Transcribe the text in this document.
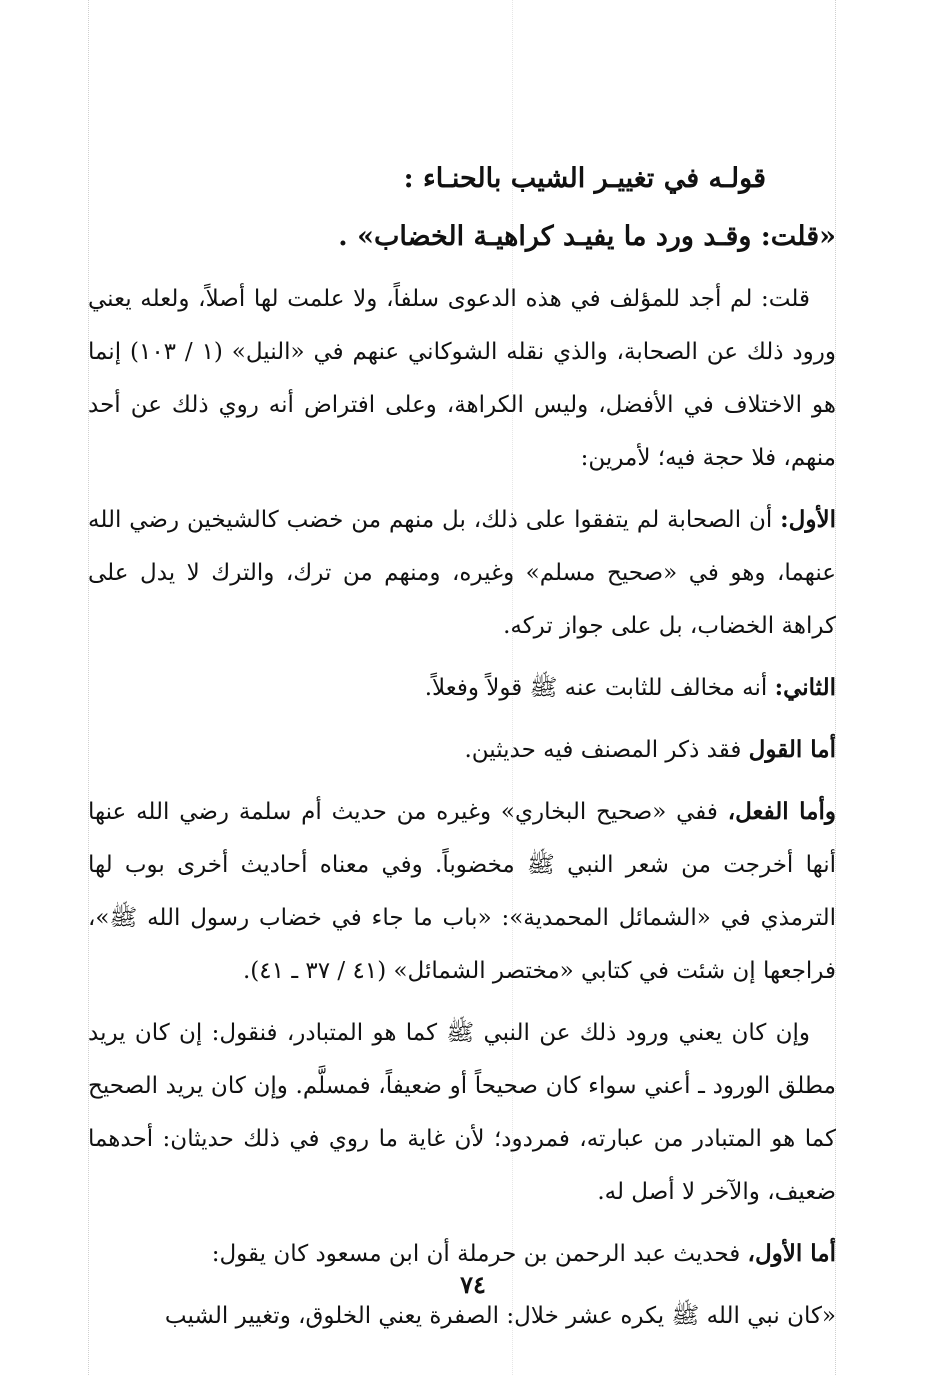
قولـه في تغييـر الشيب بالحنـاء :
«قلت: وقـد ورد ما يفيـد كراهيـة الخضاب» .

قلت: لم أجد للمؤلف في هذه الدعوى سلفاً، ولا علمت لها أصلاً، ولعله يعني ورود ذلك عن الصحابة، والذي نقله الشوكاني عنهم في «النيل» (١ / ١٠٣) إنما هو الاختلاف في الأفضل، وليس الكراهة، وعلى افتراض أنه روي ذلك عن أحد منهم، فلا حجة فيه؛ لأمرين:

الأول: أن الصحابة لم يتفقوا على ذلك، بل منهم من خضب كالشيخين رضي الله عنهما، وهو في «صحيح مسلم» وغيره، ومنهم من ترك، والترك لا يدل على كراهة الخضاب، بل على جواز تركه.

الثاني: أنه مخالف للثابت عنه ﷺ قولاً وفعلاً.

أما القول فقد ذكر المصنف فيه حديثين.

وأما الفعل، ففي «صحيح البخاري» وغيره من حديث أم سلمة رضي الله عنها أنها أخرجت من شعر النبي ﷺ مخضوباً. وفي معناه أحاديث أخرى بوب لها الترمذي في «الشمائل المحمدية»: «باب ما جاء في خضاب رسول الله ﷺ»، فراجعها إن شئت في كتابي «مختصر الشمائل» (٤١ / ٣٧ ـ ٤١).

وإن كان يعني ورود ذلك عن النبي ﷺ كما هو المتبادر، فنقول: إن كان يريد مطلق الورود ـ أعني سواء كان صحيحاً أو ضعيفاً، فمسلَّم. وإن كان يريد الصحيح كما هو المتبادر من عبارته، فمردود؛ لأن غاية ما روي في ذلك حديثان: أحدهما ضعيف، والآخر لا أصل له.

أما الأول، فحديث عبد الرحمن بن حرملة أن ابن مسعود كان يقول:

«كان نبي الله ﷺ يكره عشر خلال: الصفرة يعني الخلوق، وتغيير الشيب

٧٤
